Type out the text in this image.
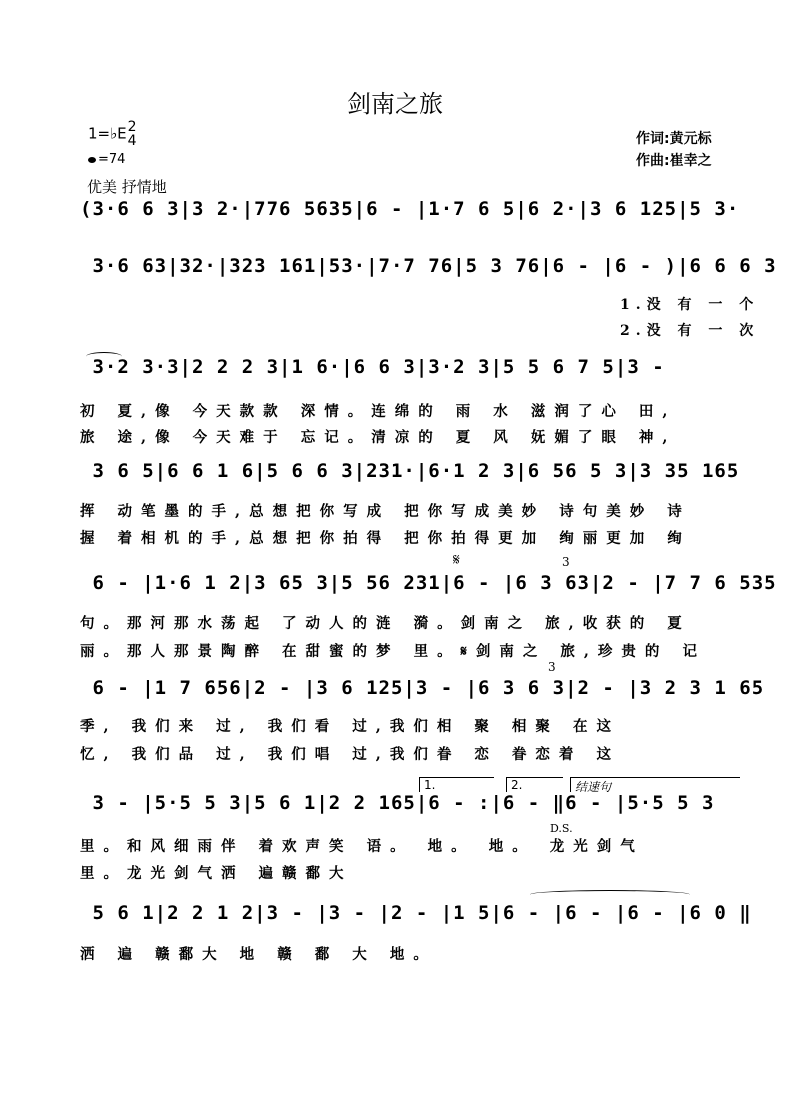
剑南之旅
1=♭E2
4
=74
优美 抒情地
作词:黄元标
作曲:崔幸之
(3·6 6 3|3 2·|776 5635|6 - |1·7 6 5|6 2·|3 6 125|5 3·
3·6 63|32·|323 161|53·|7·7 76|5 3 76|6 - |6 - )|6 6 6 3
1.没 有 一 个
2.没 有 一 次
3·2 3·3|2 2 2 3|1 6·|6 6 3|3·2 3|5 5 6 7 5|3 -
初 夏,像 今天款款 深情。连绵的 雨 水 滋润了心 田,
旅 途,像 今天难于 忘记。清凉的 夏 风 妩媚了眼 神,
3 6 5|6 6 1 6|5 6 6 3|231·|6·1 2 3|6 56 5 3|3 35 165
挥 动笔墨的手,总想把你写成 把你写成美妙 诗句美妙 诗
握 着相机的手,总想把你拍得 把你拍得更加 绚丽更加 绚
6 - |1·6 1 2|3 65 3|5 56 231|6 - |6 3 63|2 - |7 7 6 535
𝄋	3
句。那河那水荡起 了动人的涟 漪。剑南之 旅,收获的 夏
丽。那人那景陶醉 在甜蜜的梦 里。𝄋剑南之 旅,珍贵的 记
6 - |1 7 656|2 - |3 6 125|3 - |6 3 6 3|2 - |3 2 3 1 65
3
季, 我们来 过, 我们看 过,我们相 聚 相聚 在这
忆, 我们品 过, 我们唱 过,我们眷 恋 眷恋着 这
1.	2.	结速句
3 - |5·5 5 3|5 6 1|2 2 165|6 - :|6 - ‖6 - |5·5 5 3
D.S.
里。和风细雨伴 着欢声笑 语。 地。 地。 龙光剑气
里。龙光剑气洒 遍赣鄱大
5 6 1|2 2 1 2|3 - |3 - |2 - |1 5|6 - |6 - |6 - |6 0 ‖
洒 遍 赣鄱大 地 赣 鄱 大 地。
